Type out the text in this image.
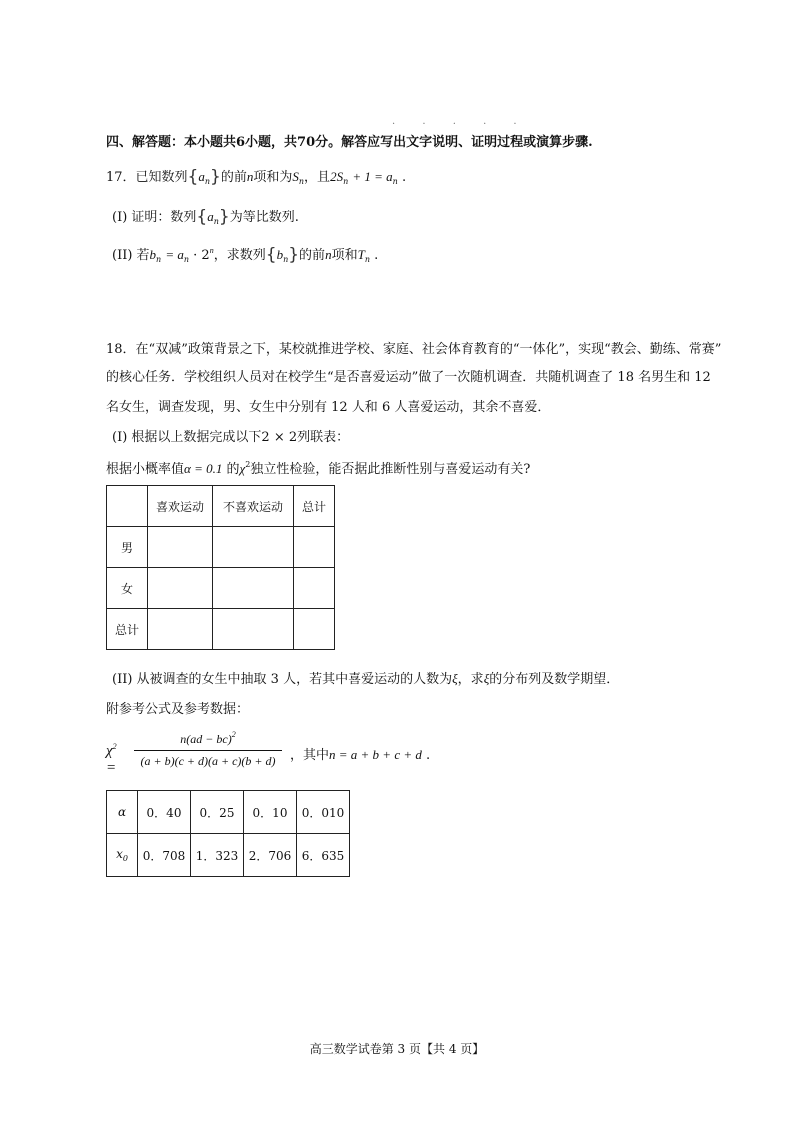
. . . . .
四、解答题：本小题共6小题，共70分。解答应写出文字说明、证明过程或演算步骤.
17．已知数列$\{a_n\}$的前n项和为$S_n$，且$2S_n + 1 = a_n$ .
(I) 证明：数列$\{a_n\}$为等比数列.
(II) 若$b_n = a_n \cdot 2^n$，求数列$\{b_n\}$的前n项和$T_n$ .
18．在“双减”政策背景之下，某校就推进学校、家庭、社会体育教育的“一体化”，实现“教会、勤练、常赛”
的核心任务．学校组织人员对在校学生“是否喜爱运动”做了一次随机调查．共随机调查了 18 名男生和 12
名女生，调查发现，男、女生中分别有 12 人和 6 人喜爱运动，其余不喜爱．
(I) 根据以上数据完成以下2 × 2列联表：
根据小概率值α = 0.1 的$\chi^2$独立性检验，能否据此推断性别与喜爱运动有关?
	喜欢运动	不喜欢运动	总计
男			
女			
总计			
(II) 从被调查的女生中抽取 3 人，若其中喜爱运动的人数为ξ，求ξ的分布列及数学期望．
附参考公式及参考数据：
$\chi^2$ =
n(ad − bc)$^2$
(a + b)(c + d)(a + c)(b + d)	，其中n = a + b + c + d .
α	0．40	0．25	0．10	0．010
$x_0$	0．708	1．323	2．706	6．635
高三数学试卷第 3 页【共 4 页】
